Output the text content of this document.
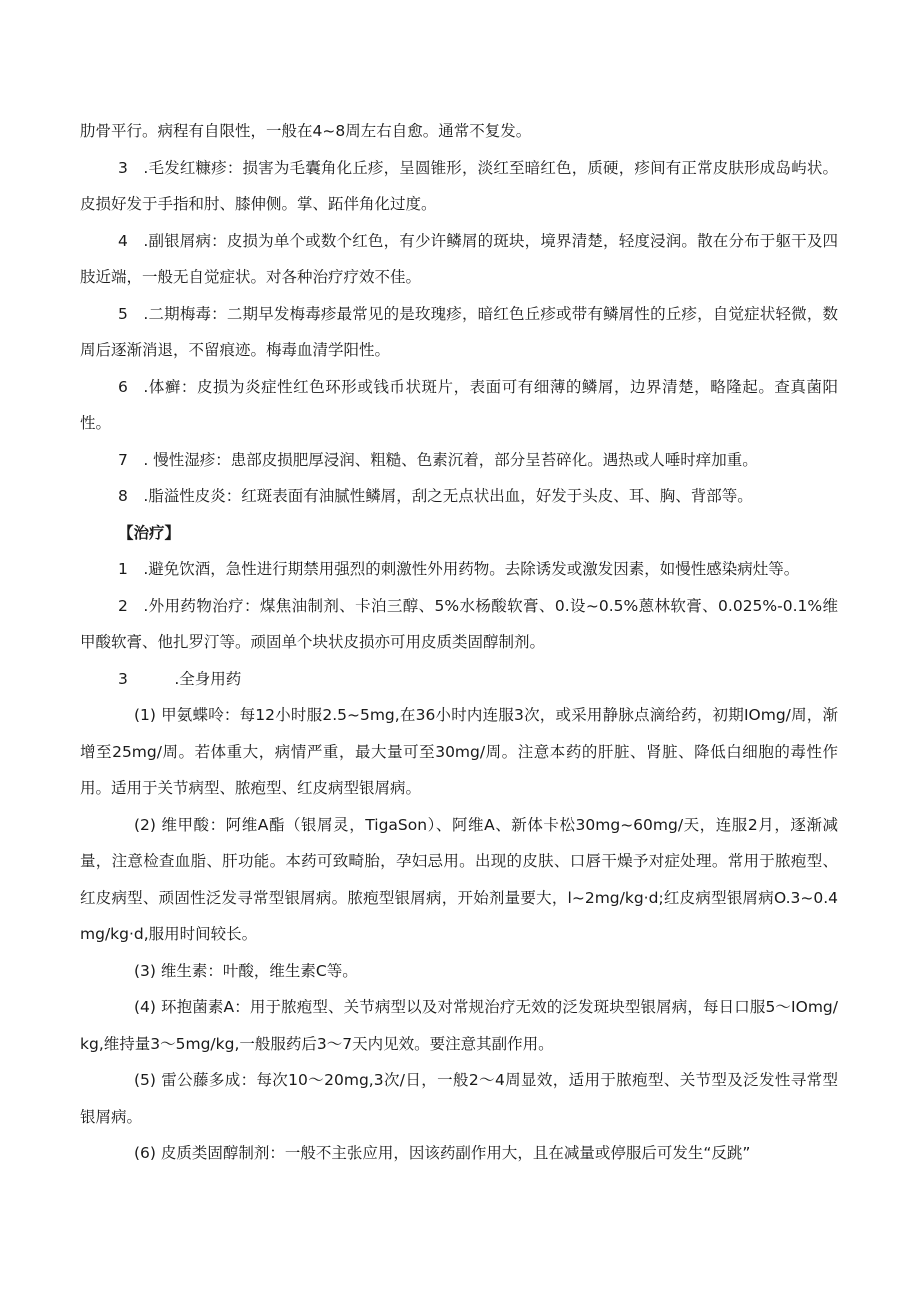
肋骨平行。病程有自限性，一般在4~8周左右自愈。通常不复发。

3 .毛发红糠疹：损害为毛囊角化丘疹，呈圆锥形，淡红至暗红色，质硬，疹间有正常皮肤形成岛屿状。皮损好发于手指和肘、膝伸侧。掌、跖伴角化过度。

4 .副银屑病：皮损为单个或数个红色，有少许鳞屑的斑块，境界清楚，轻度浸润。散在分布于躯干及四肢近端，一般无自觉症状。对各种治疗疗效不佳。

5 .二期梅毒：二期早发梅毒疹最常见的是玫瑰疹，暗红色丘疹或带有鳞屑性的丘疹，自觉症状轻微，数周后逐渐消退，不留痕迹。梅毒血清学阳性。

6 .体癣：皮损为炎症性红色环形或钱币状斑片，表面可有细薄的鳞屑，边界清楚，略隆起。查真菌阳性。

7 . 慢性湿疹：患部皮损肥厚浸润、粗糙、色素沉着，部分呈苔碎化。遇热或人唾时痒加重。

8 .脂溢性皮炎：红斑表面有油腻性鳞屑，刮之无点状出血，好发于头皮、耳、胸、背部等。

【治疗】

1 .避免饮酒，急性进行期禁用强烈的刺激性外用药物。去除诱发或激发因素，如慢性感染病灶等。

2 .外用药物治疗：煤焦油制剂、卡泊三醇、5%水杨酸软膏、0.设~0.5%蒽林软膏、0.025%-0.1%维甲酸软膏、他扎罗汀等。顽固单个块状皮损亦可用皮质类固醇制剂。

3   .全身用药

(1) 甲氨蝶呤：每12小时服2.5~5mg,在36小时内连服3次，或采用静脉点滴给药，初期IOmg/周，渐增至25mg/周。若体重大，病情严重，最大量可至30mg/周。注意本药的肝脏、肾脏、降低白细胞的毒性作用。适用于关节病型、脓疱型、红皮病型银屑病。

(2) 维甲酸：阿维A酯（银屑灵，TigaSon）、阿维A、新体卡松30mg~60mg/天，连服2月，逐渐减量，注意检查血脂、肝功能。本药可致畸胎，孕妇忌用。出现的皮肤、口唇干燥予对症处理。常用于脓疱型、红皮病型、顽固性泛发寻常型银屑病。脓疱型银屑病，开始剂量要大，l~2mg/kg·d;红皮病型银屑病O.3~0.4mg/kg·d,服用时间较长。

(3) 维生素：叶酸，维生素C等。

(4) 环抱菌素A：用于脓疱型、关节病型以及对常规治疗无效的泛发斑块型银屑病，每日口服5〜IOmg/kg,维持量3〜5mg/kg,一般服药后3〜7天内见效。要注意其副作用。

(5) 雷公藤多成：每次10〜20mg,3次/日，一般2〜4周显效，适用于脓疱型、关节型及泛发性寻常型银屑病。

(6) 皮质类固醇制剂：一般不主张应用，因该药副作用大，且在减量或停服后可发生“反跳”
